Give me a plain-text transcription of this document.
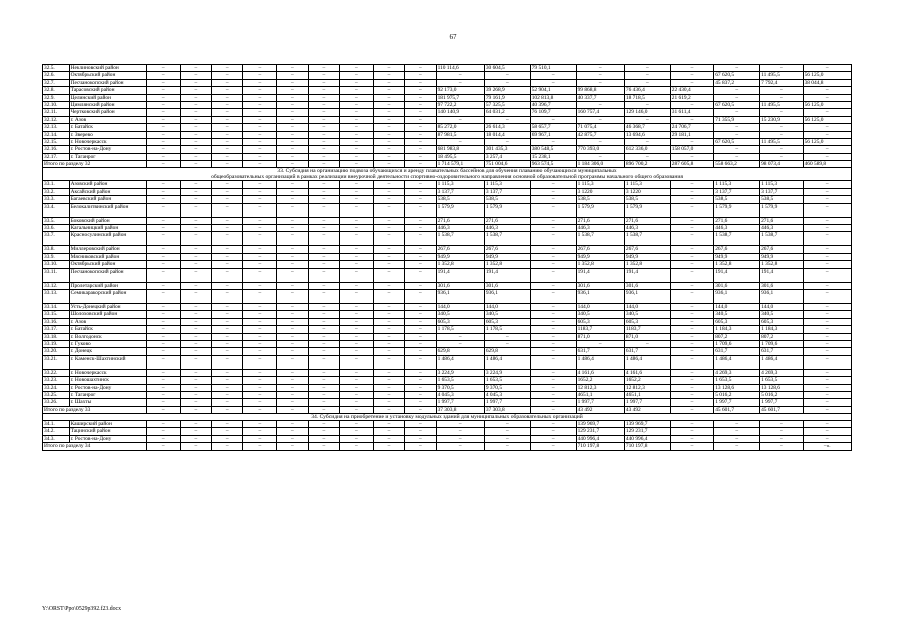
67
32.5.	Неклиновский район	–	–	–	–	–	–	–	–	–	110 114,6	30 604,5	79 510,1	–	–	–	–	–	–
32.6.	Октябрьский район	–	–	–	–	–	–	–	–	–	–	–	–	–	–	–	67 620,5	11 495,5	56 125,0
32.7.	Песчанокопский район	–	–	–	–	–	–	–	–	–	–	–	–	–	–	–	45 837,2	7 792,4	38 044,8
32.8.	Тарасовский район	–	–	–	–	–	–	–	–	–	92 173,0	39 268,9	52 904,1	99 868,8	76 436,4	22 430,4	–	–	–
32.9.	Целинский район	–	–	–	–	–	–	–	–	–	181 975,7	79 161,9	102 813,8	40 337,7	18 718,5	21 619,2	–	–	–
32.10.	Цимлянский район	–	–	–	–	–	–	–	–	–	97 722,2	57 325,5	40 396,7	–	–	–	67 620,5	11 495,5	56 125,0
32.11.	Чертковский район	–	–	–	–	–	–	–	–	–	140 140,9	64 031,2	76 109,7	160 757,4	129 146,0	31 611,4	–	–	–
32.12.	г. Азов	–	–	–	–	–	–	–	–	–	–	–	–	–	–	–	71 355,9	15 230,9	56 125,0
32.13.	г. Батайск	–	–	–	–	–	–	–	–	–	85 272,0	26 614,3	58 657,7	71 075,4	46 368,7	24 706,7	–	–	–
32.14.	г. Зверево	–	–	–	–	–	–	–	–	–	87 981,5	18 014,4	69 967,1	42 875,7	13 694,6	29 181,1	–	–	–
32.15.	г. Новочеркасск	–	–	–	–	–	–	–	–	–	–	–	–	–	–	–	67 620,5	11 495,5	56 125,0
32.16.	г. Ростов-на-Дону	–	–	–	–	–	–	–	–	–	681 983,8	301 435,3	380 548,5	770 393,0	612 336,0	158 057,0	–	–	–
32.17.	г. Таганрог	–	–	–	–	–	–	–	–	–	18 495,5	3 257,4	15 238,1	–	–	–	–	–	–
Итого по разделу 32		–	–	–	–	–	–	–	–	–	1 714 579,1	751 004,6	963 574,5	1 184 306,0	896 700,2	287 605,8	558 663,2	98 073,4	460 589,8

33. Субсидия на организацию подвоза обучающихся и аренду плавательных бассейнов для обучения плаванию обучающихся муниципальных
общеобразовательных организаций в рамках реализации внеурочной деятельности спортивно-оздоровительного направления основной образовательной программы начального общего образования																			

33.1.	Азовский район	–	–	–	–	–	–	–	–	–	1 115,3	1 115,3	–	1 115,3	1 115,3	–	1 115,3	1 115,3	–
33.2.	Аксайский район	–	–	–	–	–	–	–	–	–	3 137,7	3 137,7	–	3 1220	3 1220	–	3 137,7	3 137,7	–
33.3.	Багаевский район	–	–	–	–	–	–	–	–	–	538,5	538,5	–	538,5	538,5	–	538,5	538,5	–
33.4.	Белокалитвинский район	–	–	–	–	–	–	–	–	–	1 579,9	1 579,9	–	1 579,9	1 579,9	–	1 579,9	1 579,9	–
33.5.	Боковский район	–	–	–	–	–	–	–	–	–	271,6	271,6	–	271,6	271,6	–	271,6	271,6	–
33.6.	Кагальницкий район	–	–	–	–	–	–	–	–	–	446,3	446,3	–	446,3	446,3	–	446,3	446,3	–
33.7.	Красносулинский район	–	–	–	–	–	–	–	–	–	1 538,7	1 538,7	–	1 538,7	1 538,7	–	1 538,7	1 538,7	–
33.8.	Миллеровский район	–	–	–	–	–	–	–	–	–	267,6	267,6	–	267,6	267,6	–	267,6	267,6	–
33.9.	Мясниковский район	–	–	–	–	–	–	–	–	–	949,9	949,9	–	949,9	949,9	–	949,9	949,9	–
33.10.	Октябрьский район	–	–	–	–	–	–	–	–	–	1 352,8	1 352,8	–	1 352,8	1 352,8	–	1 352,8	1 352,8	–
33.11.	Песчанокопский район	–	–	–	–	–	–	–	–	–	191,4	191,4	–	191,4	191,4	–	191,4	191,4	–
33.12.	Пролетарский район	–	–	–	–	–	–	–	–	–	301,6	301,6	–	301,6	301,6	–	301,6	301,6	–
33.13.	Семикаракорский район	–	–	–	–	–	–	–	–	–	936,1	936,1	–	936,1	936,1	–	936,1	936,1	–
33.14.	Усть-Донецкий район	–	–	–	–	–	–	–	–	–	144,0	144,0	–	144,0	144,0	–	144,0	144,0	–
33.15.	Шолоховский район	–	–	–	–	–	–	–	–	–	340,5	340,5	–	340,5	340,5	–	340,5	340,5	–
33.16.	г. Азов	–	–	–	–	–	–	–	–	–	605,3	605,3	–	605,3	605,3	–	605,3	605,3	–
33.17.	г. Батайск	–	–	–	–	–	–	–	–	–	1 178,5	1 178,5	–	1183,7	1183,7	–	1 184,3	1 184,3	–
33.18.	г. Волгодонск	–	–	–	–	–	–	–	–	–	–	–	–	871,0	871,0	–	807,2	807,2	–
33.19.	г. Гуково	–	–	–	–	–	–	–	–	–	–	–	–	–	–	–	1 709,6	1 709,6	–
33.20.	г. Донецк	–	–	–	–	–	–	–	–	–	629,8	629,8	–	631,7	631,7	–	631,7	631,7	–
33.21.	г. Каменск-Шахтинский	–	–	–	–	–	–	–	–	–	1 486,4	1 486,4	–	1 486,4	1 486,4	–	1 486,4	1 486,4	–
33.22.	г. Новочеркасск	–	–	–	–	–	–	–	–	–	3 224,9	3 224,9	–	4 161,6	4 161,6	–	4 269,3	4 269,3	–
33.23.	г. Новошахтинск	–	–	–	–	–	–	–	–	–	1 653,5	1 653,5	–	1652,2	1652,2	–	1 653,5	1 653,5	–
33.24.	г. Ростов-на-Дону	–	–	–	–	–	–	–	–	–	9 370,5	9 370,5	–	12 812,3	12 812,3	–	13 128,6	13 128,6	–
33.25.	г. Таганрог	–	–	–	–	–	–	–	–	–	4 045,3	4 045,3	–	4651,1	4651,1	–	5 016,2	5 016,2	–
33.26.	г. Шахты	–	–	–	–	–	–	–	–	–	1 997,7	1 997,7	–	1 997,7	1 997,7	–	1 997,7	1 997,7	–
Итого по разделу 33		–	–	–	–	–	–	–	–	–	37 303,8	37 303,8	–	43 492	43 492	–	45 601,7	45 601,7	–

34. Субсидия на приобретение и установку модульных зданий для муниципальных образовательных организаций																			

34.1.	Каширский район	–	–	–	–	–	–	–	–	–	–	–	–	139 969,7	139 969,7	–	–	–	–
34.2.	Тацинский район	–	–	–	–	–	–	–	–	–	–	–	–	129 231,7	129 231,7	–	–	–	–
34.3.	г. Ростов-на-Дону	–	–	–	–	–	–	–	–	–	–	–	–	440 996,4	440 996,4	–	–	–	–
Итого по разделу 34		–	–	–	–	–	–	–	–	–	–	–	–	710 197,8	710 197,8	–	–	–	–».
Y:\ORST\Ppo\0529p392.f23.docx
